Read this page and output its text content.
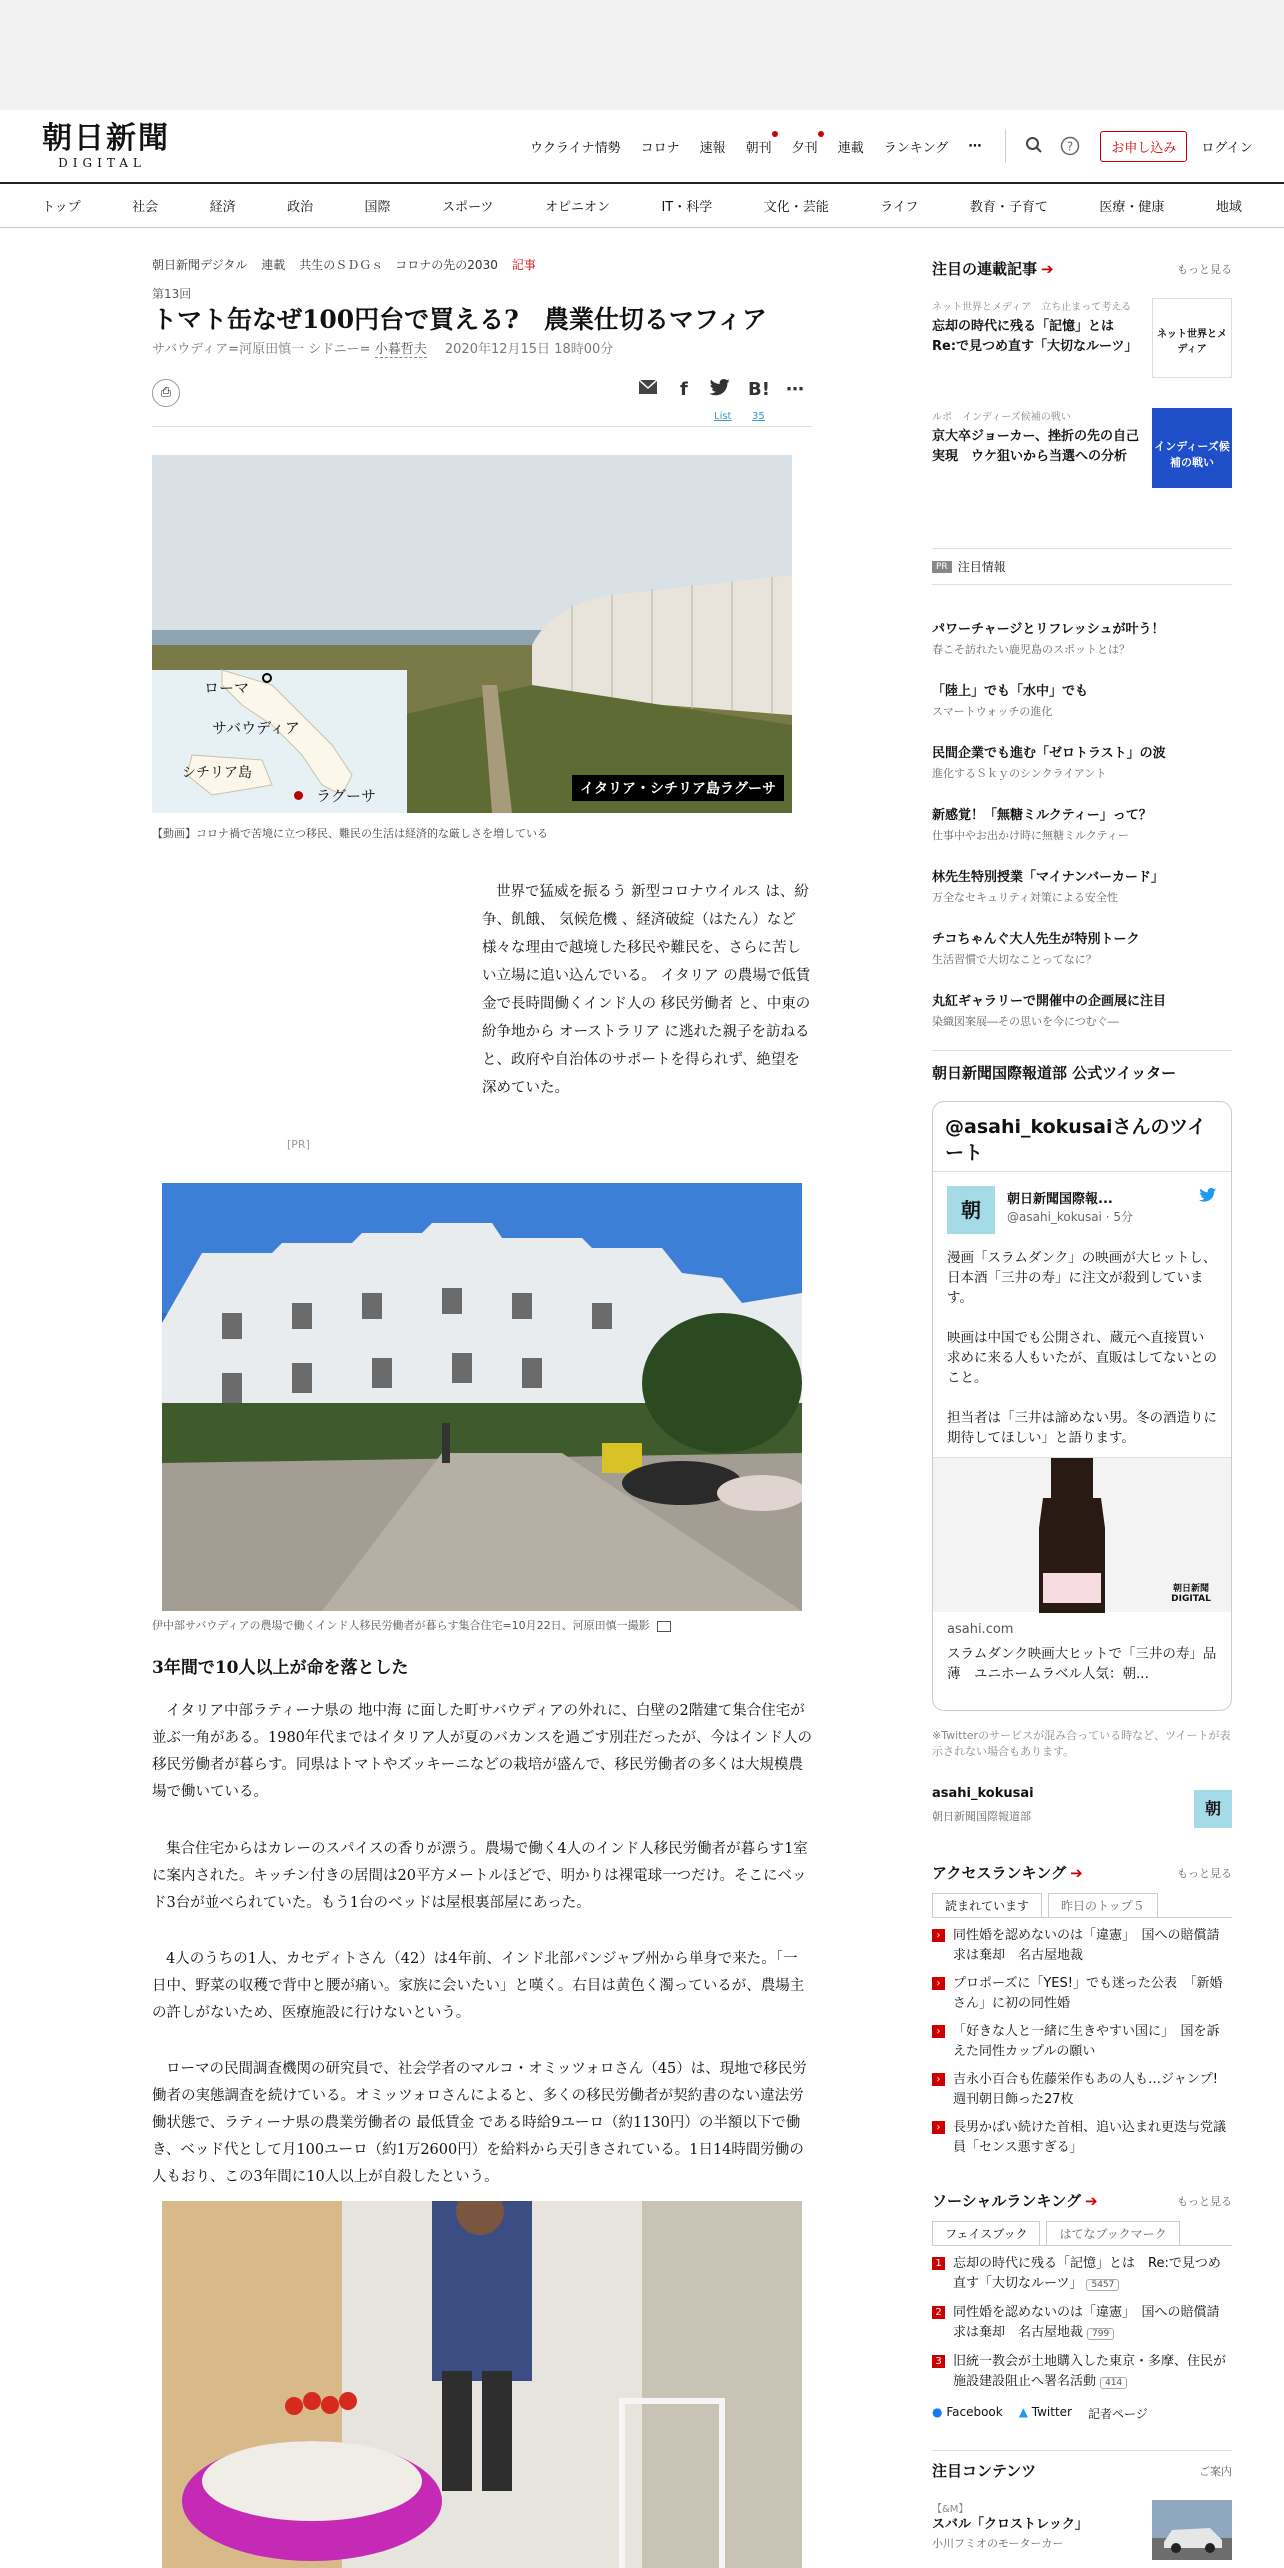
朝日新聞
DIGITAL
ウクライナ情勢 コロナ 速報 朝刊 夕刊 連載 ランキング ⋯	?	お申し込み	ログイン
トップ	社会	経済	政治	国際	スポーツ	オピニオン	IT・科学	文化・芸能	ライフ	教育・子育て	医療・健康	地域
朝日新聞デジタル 連載 共生のＳＤＧｓ　コロナの先の2030 記事
第13回
トマト缶なぜ100円台で買える?　農業仕切るマフィア
サバウディア=河原田慎一 シドニー= 小暮哲夫 2020年12月15日 18時00分
⎙	f	B! ⋯
List 35
ローマ
サバウディア
シチリア島
ラグーサ	イタリア・シチリア島ラグーサ
【動画】コロナ禍で苦境に立つ移民、難民の生活は経済的な厳しさを増している

世界で猛威を振るう 新型コロナウイルス は、紛争、飢餓、 気候危機 、経済破綻（はたん）など様々な理由で越境した移民や難民を、さらに苦しい立場に追い込んでいる。 イタリア の農場で低賃金で長時間働くインド人の 移民労働者 と、中東の紛争地から オーストラリア に逃れた親子を訪ねると、政府や自治体のサポートを得られず、絶望を深めていた。

[PR]
伊中部サバウディアの農場で働くインド人移民労働者が暮らす集合住宅=10月22日、河原田慎一撮影
3年間で10人以上が命を落とした

イタリア中部ラティーナ県の 地中海 に面した町サバウディアの外れに、白壁の2階建て集合住宅が並ぶ一角がある。1980年代まではイタリア人が夏のバカンスを過ごす別荘だったが、今はインド人の移民労働者が暮らす。同県はトマトやズッキーニなどの栽培が盛んで、移民労働者の多くは大規模農場で働いている。

集合住宅からはカレーのスパイスの香りが漂う。農場で働く4人のインド人移民労働者が暮らす1室に案内された。キッチン付きの居間は20平方メートルほどで、明かりは裸電球一つだけ。そこにベッド3台が並べられていた。もう1台のベッドは屋根裏部屋にあった。

4人のうちの1人、カセディトさん（42）は4年前、インド北部パンジャブ州から単身で来た。「一日中、野菜の収穫で背中と腰が痛い。家族に会いたい」と嘆く。右目は黄色く濁っているが、農場主の許しがないため、医療施設に行けないという。

ローマの民間調査機関の研究員で、社会学者のマルコ・オミッツォロさん（45）は、現地で移民労働者の実態調査を続けている。オミッツォロさんによると、多くの移民労働者が契約書のない違法労働状態で、ラティーナ県の農業労働者の 最低賃金 である時給9ユーロ（約1130円）の半額以下で働き、ベッド代として月100ユーロ（約1万2600円）を給料から天引きされている。1日14時間労働の人もおり、この3年間に10人以上が自殺したという。

注目の連載記事 ➔	もっと見る
ネット世界とメディア　立ち止まって考える
忘却の時代に残る「記憶」とは　Re:で見つめ直す「大切なルーツ」
ネット世界とメディア
ルポ　インディーズ候補の戦い
京大卒ジョーカー、挫折の先の自己実現　ウケ狙いから当選への分析
インディーズ候補の戦い
PR 注目情報
パワーチャージとリフレッシュが叶う！
春こそ訪れたい鹿児島のスポットとは？
「陸上」でも「水中」でも
スマートウォッチの進化
民間企業でも進む「ゼロトラスト」の波
進化するＳｋｙのシンクライアント
新感覚！「無糖ミルクティー」って？
仕事中やお出かけ時に無糖ミルクティー
林先生特別授業「マイナンバーカード」
万全なセキュリティ対策による安全性
チコちゃんぐ大人先生が特別トーク
生活習慣で大切なことってなに？
丸紅ギャラリーで開催中の企画展に注目
染織図案展―その思いを今につむぐ―
朝日新聞国際報道部 公式ツイッター
@asahi_kokusaiさんのツイート
朝	朝日新聞国際報...
@asahi_kokusai · 5分

漫画「スラムダンク」の映画が大ヒットし、日本酒「三井の寿」に注文が殺到しています。

映画は中国でも公開され、蔵元へ直接買い求めに来る人もいたが、直販はしてないとのこと。

担当者は「三井は諦めない男。冬の酒造りに期待してほしい」と語ります。

朝日新聞 DIGITAL
asahi.com
スラムダンク映画大ヒットで「三井の寿」品薄　ユニホームラベル人気：朝...
※Twitterのサービスが混み合っている時など、ツイートが表示されない場合もあります。
asahi_kokusai
朝日新聞国際報道部	朝
アクセスランキング ➔	もっと見る
読まれています	昨日のトップ５
› 同性婚を認めないのは「違憲」　国への賠償請求は棄却　名古屋地裁
› プロポーズに「YES!」でも迷った公表　「新婚さん」に初の同性婚
› 「好きな人と一緒に生きやすい国に」　国を訴えた同性カップルの願い
› 吉永小百合も佐藤栄作もあの人も…ジャンプ! 週刊朝日飾った27枚
› 長男かばい続けた首相、追い込まれ更迭与党議員「センス悪すぎる」
ソーシャルランキング ➔	もっと見る
フェイスブック	はてなブックマーク
1 忘却の時代に残る「記憶」とは　Re:で見つめ直す「大切なルーツ」 5457
2 同性婚を認めないのは「違憲」　国への賠償請求は棄却　名古屋地裁 799
3 旧統一教会が土地購入した東京・多摩、住民が施設建設阻止へ署名活動 414
● Facebook ▲ Twitter 記者ページ
注目コンテンツ	ご案内
【&M】
スバル「クロストレック」
小川フミオのモーターカー
